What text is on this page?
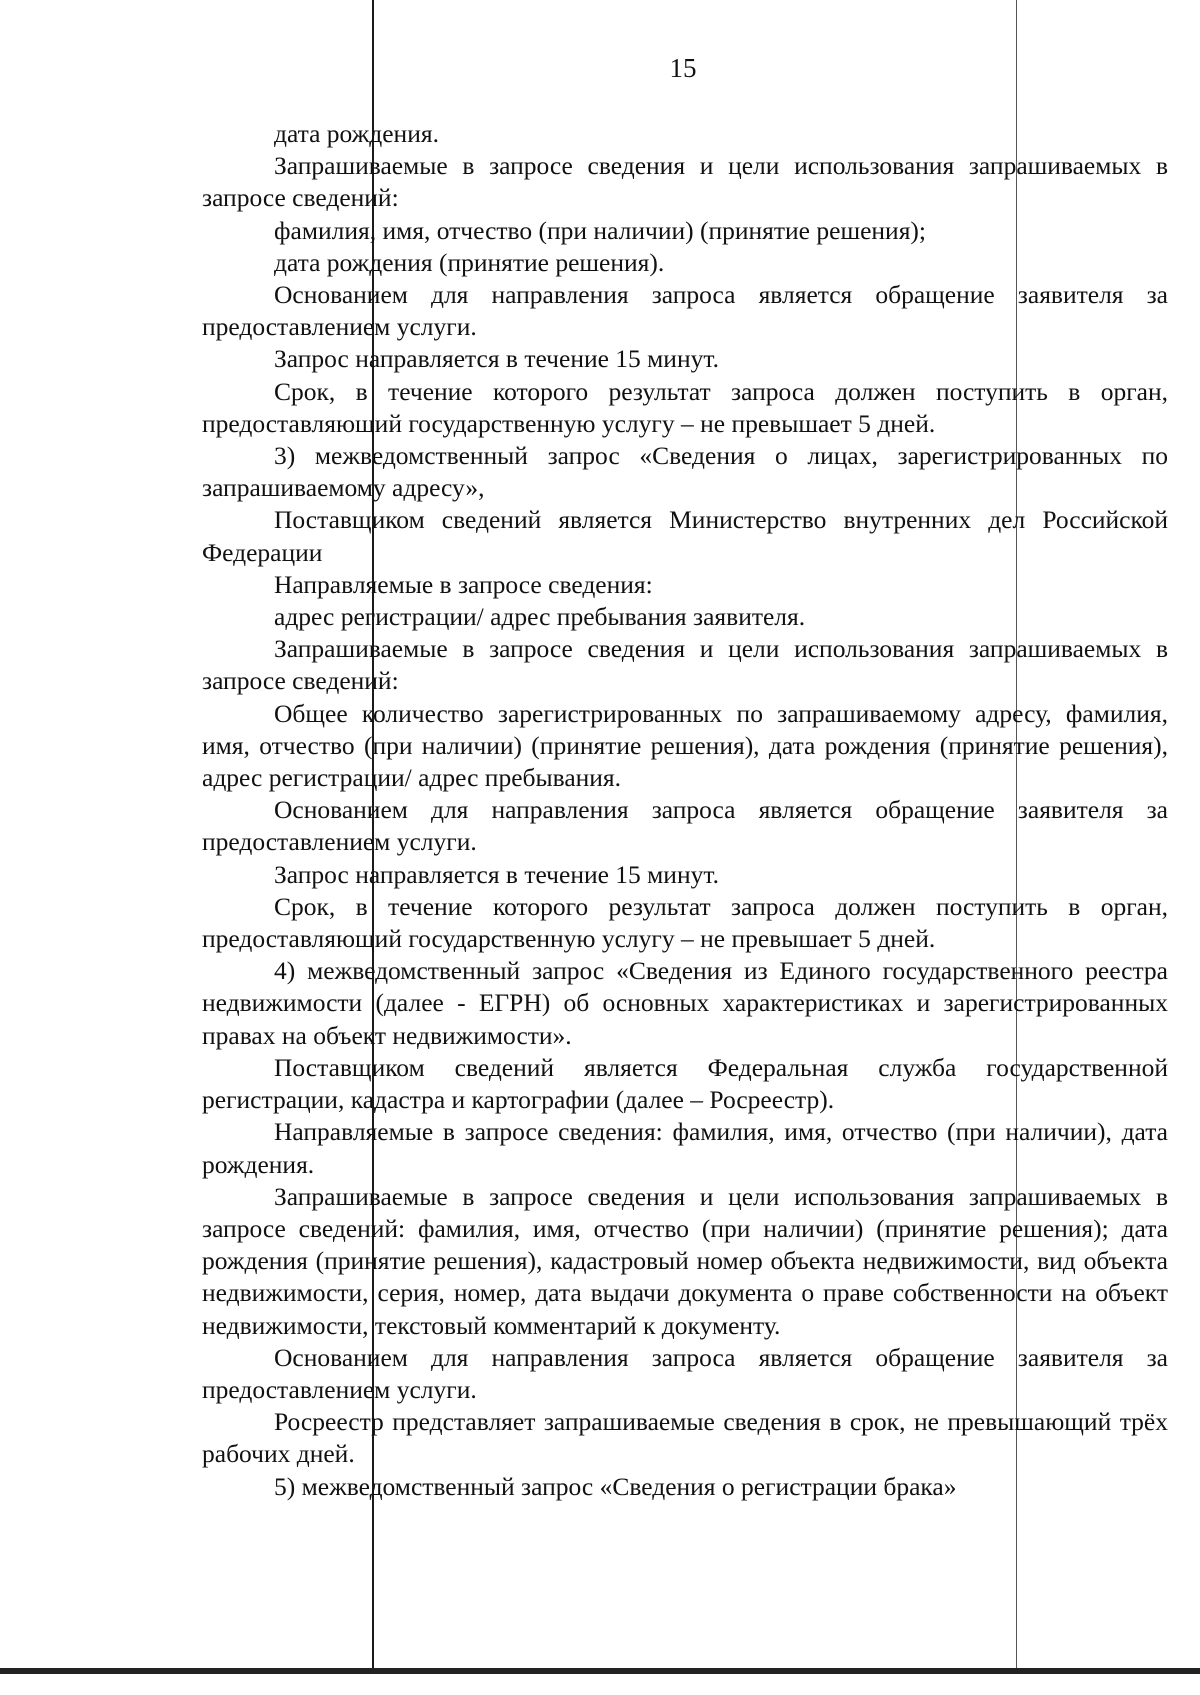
15

дата рождения.

Запрашиваемые в запросе сведения и цели использования запрашиваемых в запросе сведений:

фамилия, имя, отчество (при наличии) (принятие решения);

дата рождения (принятие решения).

Основанием для направления запроса является обращение заявителя за предоставлением услуги.

Запрос направляется в течение 15 минут.

Срок, в течение которого результат запроса должен поступить в орган, предоставляющий государственную услугу – не превышает 5 дней.

3) межведомственный запрос «Сведения о лицах, зарегистрированных по запрашиваемому адресу»,

Поставщиком сведений является Министерство внутренних дел Российской Федерации

Направляемые в запросе сведения:

адрес регистрации/ адрес пребывания заявителя.

Запрашиваемые в запросе сведения и цели использования запрашиваемых в запросе сведений:

Общее количество зарегистрированных по запрашиваемому адресу, фамилия, имя, отчество (при наличии) (принятие решения), дата рождения (принятие решения), адрес регистрации/ адрес пребывания.

Основанием для направления запроса является обращение заявителя за предоставлением услуги.

Запрос направляется в течение 15 минут.

Срок, в течение которого результат запроса должен поступить в орган, предоставляющий государственную услугу – не превышает 5 дней.

4) межведомственный запрос «Сведения из Единого государственного реестра недвижимости (далее - ЕГРН) об основных характеристиках и зарегистрированных правах на объект недвижимости».

Поставщиком сведений является Федеральная служба государственной регистрации, кадастра и картографии (далее – Росреестр).

Направляемые в запросе сведения: фамилия, имя, отчество (при наличии), дата рождения.

Запрашиваемые в запросе сведения и цели использования запрашиваемых в запросе сведений: фамилия, имя, отчество (при наличии) (принятие решения); дата рождения (принятие решения), кадастровый номер объекта недвижимости, вид объекта недвижимости, серия, номер, дата выдачи документа о праве собственности на объект недвижимости, текстовый комментарий к документу.

Основанием для направления запроса является обращение заявителя за предоставлением услуги.

Росреестр представляет запрашиваемые сведения в срок, не превышающий трёх рабочих дней.

5) межведомственный запрос «Сведения о регистрации брака»
